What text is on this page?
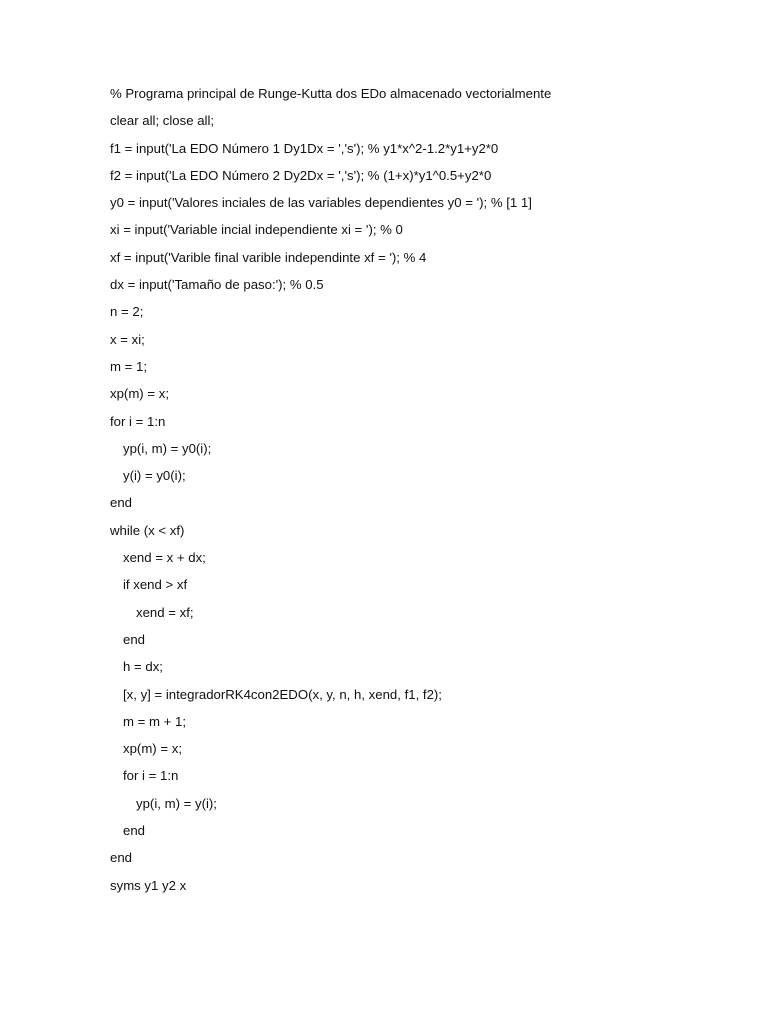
% Programa principal de Runge-Kutta dos EDo almacenado vectorialmente
clear all; close all;
f1 = input('La EDO Número 1 Dy1Dx = ','s'); % y1*x^2-1.2*y1+y2*0
f2 = input('La EDO Número 2 Dy2Dx = ','s'); % (1+x)*y1^0.5+y2*0
y0 = input('Valores inciales de las variables dependientes y0 = '); % [1 1]
xi = input('Variable incial independiente xi = '); % 0
xf = input('Varible final varible independinte xf = '); % 4
dx = input('Tamaño de paso:'); % 0.5
n = 2;
x = xi;
m = 1;
xp(m) = x;
for i = 1:n
yp(i, m) = y0(i);
y(i) = y0(i);
end
while (x < xf)
xend = x + dx;
if xend > xf
xend = xf;
end
h = dx;
[x, y] = integradorRK4con2EDO(x, y, n, h, xend, f1, f2);
m = m + 1;
xp(m) = x;
for i = 1:n
yp(i, m) = y(i);
end
end
syms y1 y2 x
